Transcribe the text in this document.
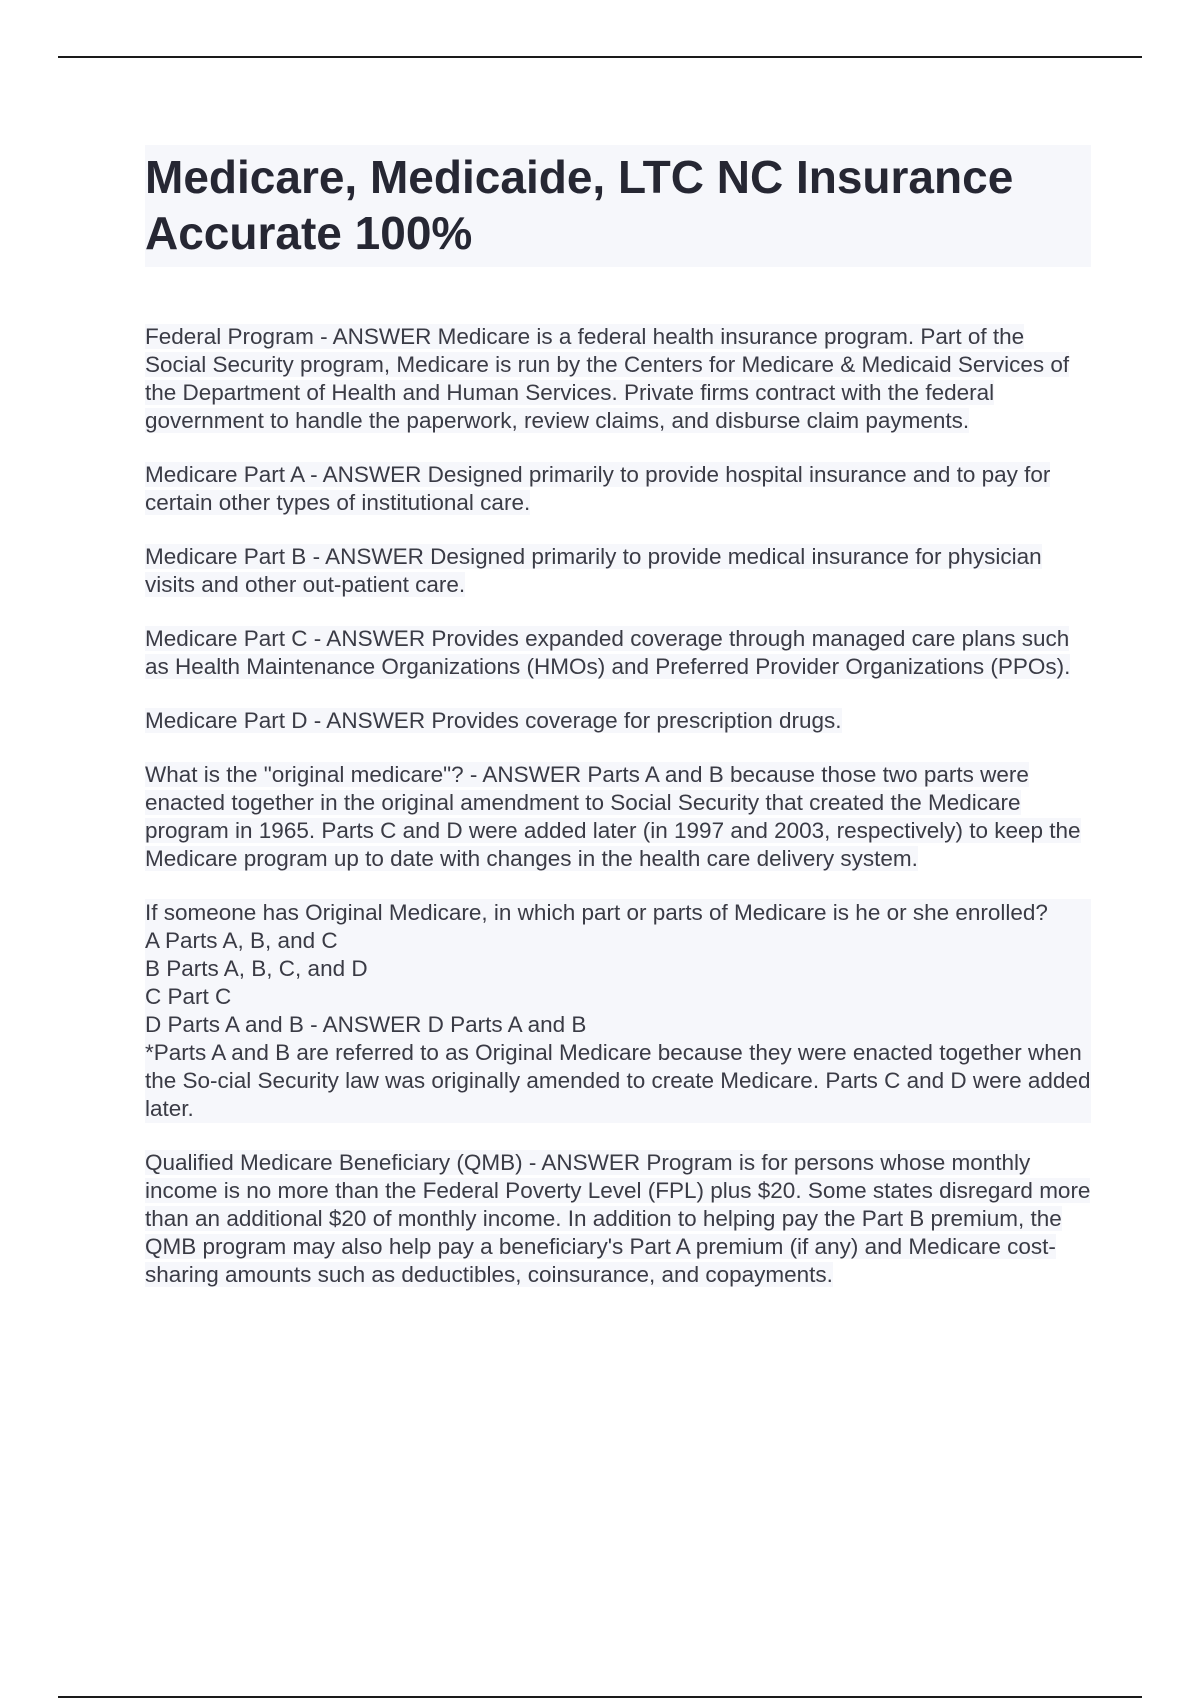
Medicare, Medicaide, LTC NC Insurance Accurate 100%

Federal Program - ANSWER Medicare is a federal health insurance program. Part of the Social Security program, Medicare is run by the Centers for Medicare & Medicaid Services of the Department of Health and Human Services. Private firms contract with the federal government to handle the paperwork, review claims, and disburse claim payments.

Medicare Part A - ANSWER Designed primarily to provide hospital insurance and to pay for certain other types of institutional care.

Medicare Part B - ANSWER Designed primarily to provide medical insurance for physician visits and other out-patient care.

Medicare Part C - ANSWER Provides expanded coverage through managed care plans such as Health Maintenance Organizations (HMOs) and Preferred Provider Organizations (PPOs).

Medicare Part D - ANSWER Provides coverage for prescription drugs.

What is the "original medicare"? - ANSWER Parts A and B because those two parts were enacted together in the original amendment to Social Security that created the Medicare program in 1965. Parts C and D were added later (in 1997 and 2003, respectively) to keep the Medicare program up to date with changes in the health care delivery system.

If someone has Original Medicare, in which part or parts of Medicare is he or she enrolled?
A Parts A, B, and C
B Parts A, B, C, and D
C Part C
D Parts A and B - ANSWER D Parts A and B
*Parts A and B are referred to as Original Medicare because they were enacted together when the So-cial Security law was originally amended to create Medicare. Parts C and D were added later.

Qualified Medicare Beneficiary (QMB) - ANSWER Program is for persons whose monthly income is no more than the Federal Poverty Level (FPL) plus $20. Some states disregard more than an additional $20 of monthly income. In addition to helping pay the Part B premium, the QMB program may also help pay a beneficiary's Part A premium (if any) and Medicare cost-sharing amounts such as deductibles, coinsurance, and copayments.
